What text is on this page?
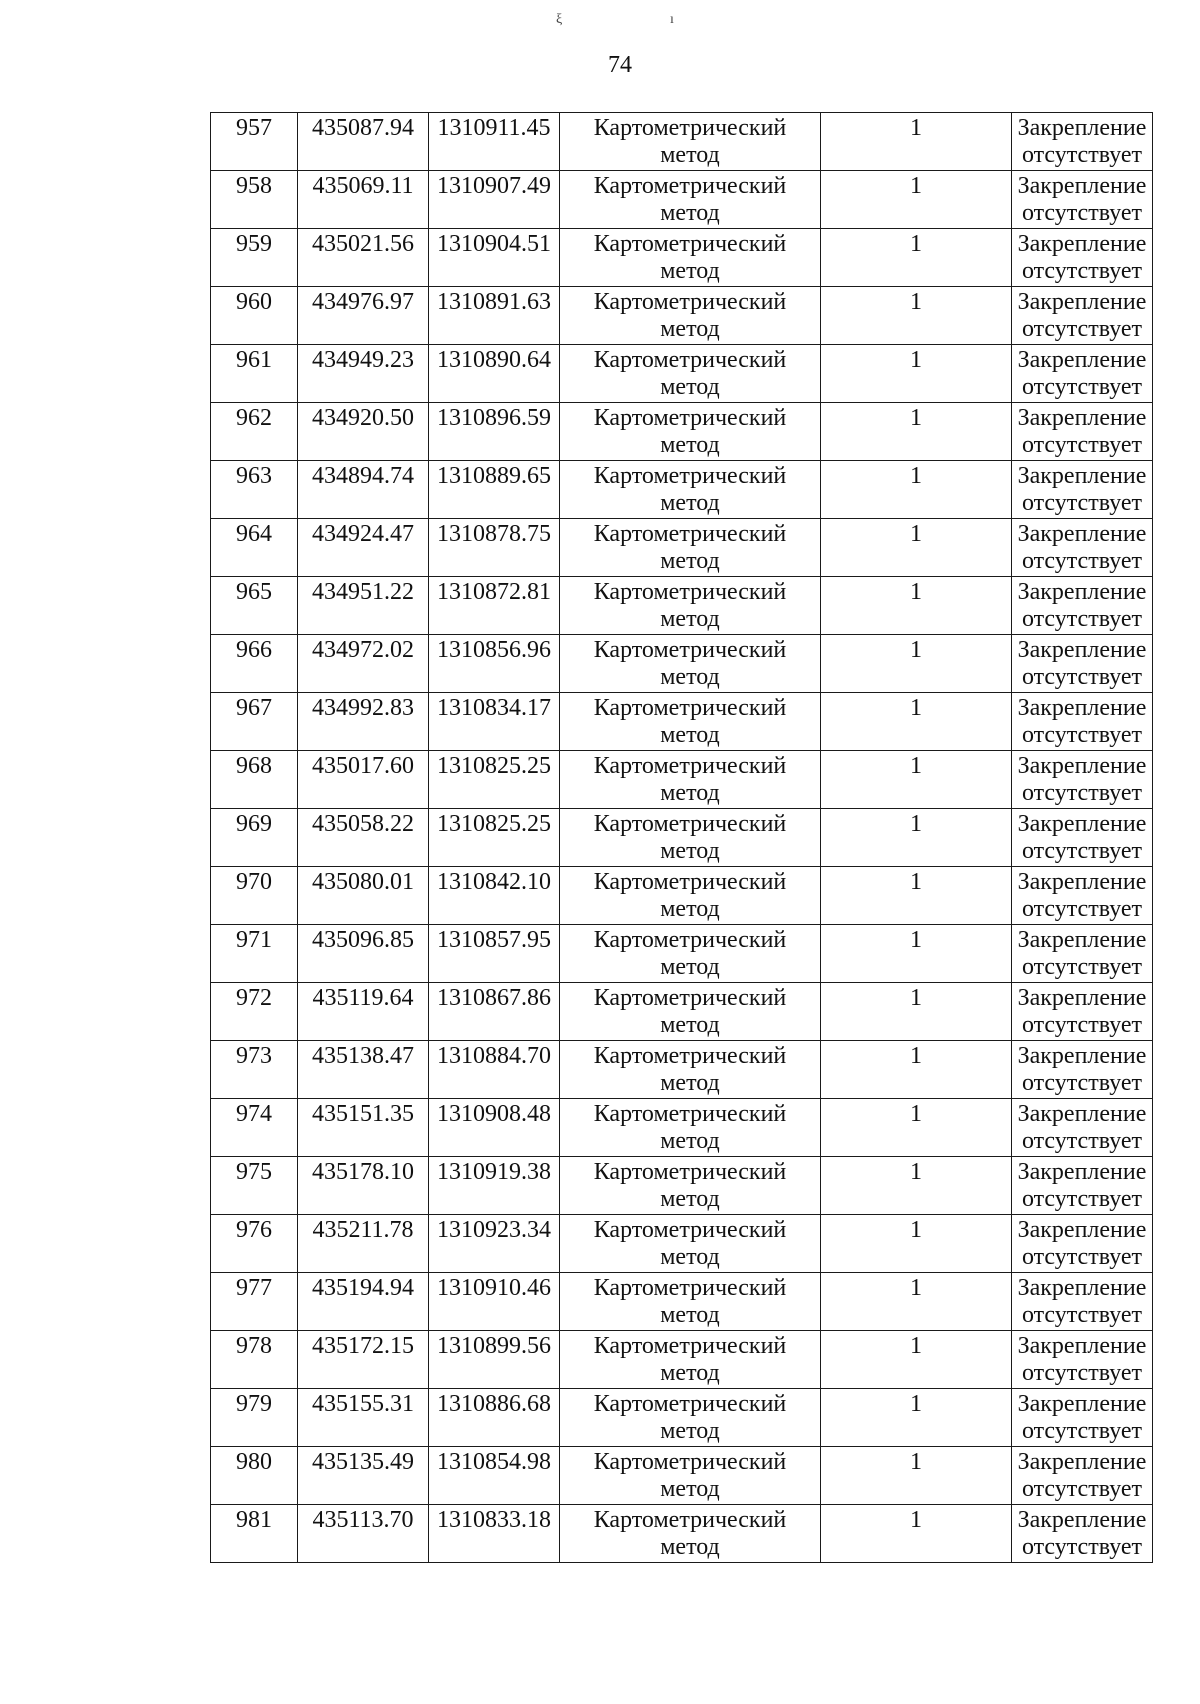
ξ	ı
74
957	435087.94	1310911.45	Картометрический
метод	1	Закрепление
отсутствует

958	435069.11	1310907.49	Картометрический
метод	1	Закрепление
отсутствует

959	435021.56	1310904.51	Картометрический
метод	1	Закрепление
отсутствует

960	434976.97	1310891.63	Картометрический
метод	1	Закрепление
отсутствует

961	434949.23	1310890.64	Картометрический
метод	1	Закрепление
отсутствует

962	434920.50	1310896.59	Картометрический
метод	1	Закрепление
отсутствует

963	434894.74	1310889.65	Картометрический
метод	1	Закрепление
отсутствует

964	434924.47	1310878.75	Картометрический
метод	1	Закрепление
отсутствует

965	434951.22	1310872.81	Картометрический
метод	1	Закрепление
отсутствует

966	434972.02	1310856.96	Картометрический
метод	1	Закрепление
отсутствует

967	434992.83	1310834.17	Картометрический
метод	1	Закрепление
отсутствует

968	435017.60	1310825.25	Картометрический
метод	1	Закрепление
отсутствует

969	435058.22	1310825.25	Картометрический
метод	1	Закрепление
отсутствует

970	435080.01	1310842.10	Картометрический
метод	1	Закрепление
отсутствует

971	435096.85	1310857.95	Картометрический
метод	1	Закрепление
отсутствует

972	435119.64	1310867.86	Картометрический
метод	1	Закрепление
отсутствует

973	435138.47	1310884.70	Картометрический
метод	1	Закрепление
отсутствует

974	435151.35	1310908.48	Картометрический
метод	1	Закрепление
отсутствует

975	435178.10	1310919.38	Картометрический
метод	1	Закрепление
отсутствует

976	435211.78	1310923.34	Картометрический
метод	1	Закрепление
отсутствует

977	435194.94	1310910.46	Картометрический
метод	1	Закрепление
отсутствует

978	435172.15	1310899.56	Картометрический
метод	1	Закрепление
отсутствует

979	435155.31	1310886.68	Картометрический
метод	1	Закрепление
отсутствует

980	435135.49	1310854.98	Картометрический
метод	1	Закрепление
отсутствует

981	435113.70	1310833.18	Картометрический
метод	1	Закрепление
отсутствует
